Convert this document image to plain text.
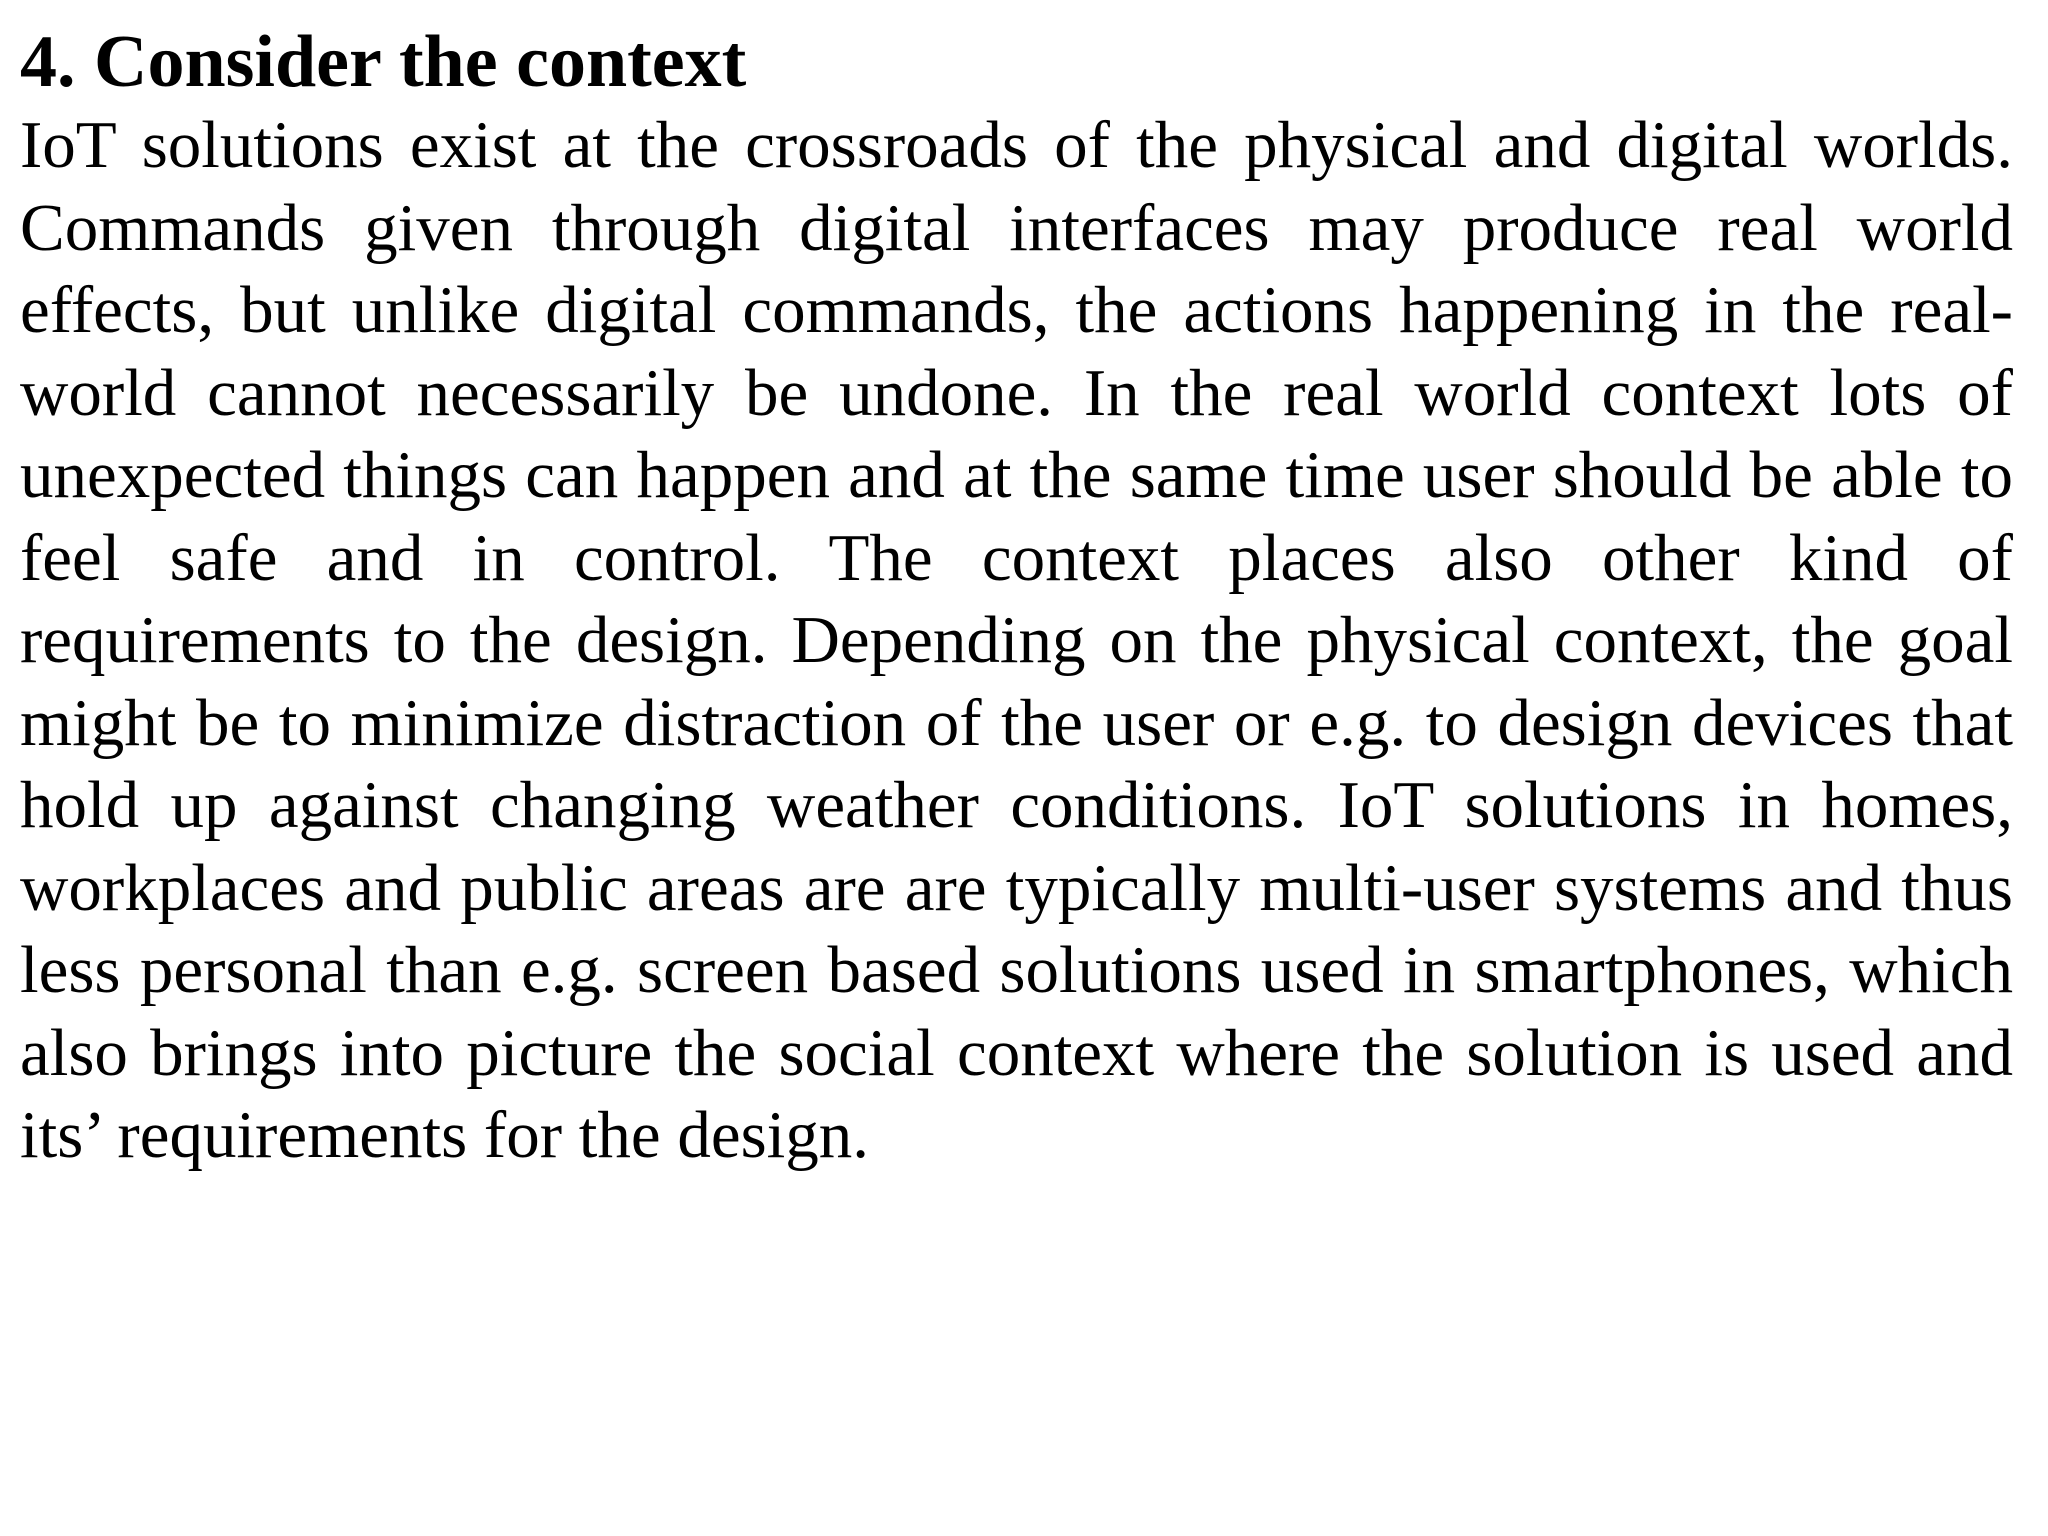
4. Consider the context

IoT solutions exist at the crossroads of the physical and digital worlds. Commands given through digital interfaces may produce real world effects, but unlike digital commands, the actions happening in the real-world cannot necessarily be undone. In the real world context lots of unexpected things can happen and at the same time user should be able to feel safe and in control. The context places also other kind of requirements to the design. Depending on the physical context, the goal might be to minimize distraction of the user or e.g. to design devices that hold up against changing weather conditions. IoT solutions in homes, workplaces and public areas are are typically multi-user systems and thus less personal than e.g. screen based solutions used in smartphones, which also brings into picture the social context where the solution is used and its’ requirements for the design.
